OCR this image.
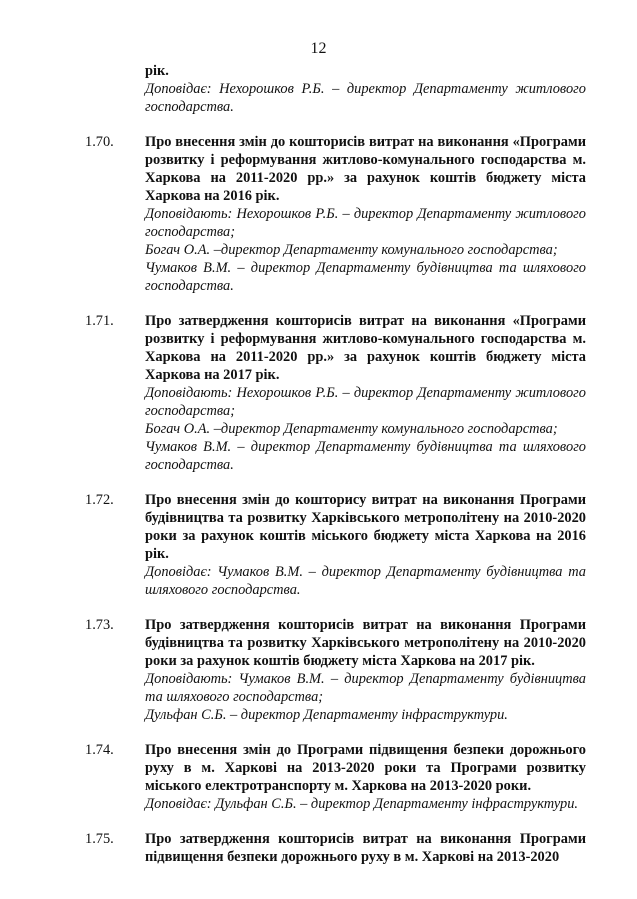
12
рік.
Доповідає: Нехорошков Р.Б. – директор Департаменту житлового господарства.
1.70. Про внесення змін до кошторисів витрат на виконання «Програми розвитку і реформування житлово-комунального господарства м. Харкова на 2011-2020 рр.» за рахунок коштів бюджету міста Харкова на 2016 рік.
Доповідають: Нехорошков Р.Б. – директор Департаменту житлового господарства;
Богач О.А. –директор Департаменту комунального господарства;
Чумаков В.М. – директор Департаменту будівництва та шляхового господарства.
1.71. Про затвердження кошторисів витрат на виконання «Програми розвитку і реформування житлово-комунального господарства м. Харкова на 2011-2020 рр.» за рахунок коштів бюджету міста Харкова на 2017 рік.
Доповідають: Нехорошков Р.Б. – директор Департаменту житлового господарства;
Богач О.А. –директор Департаменту комунального господарства;
Чумаков В.М. – директор Департаменту будівництва та шляхового господарства.
1.72. Про внесення змін до кошторису витрат на виконання Програми будівництва та розвитку Харківського метрополітену на 2010-2020 роки за рахунок коштів міського бюджету міста Харкова на 2016 рік.
Доповідає: Чумаков В.М. – директор Департаменту будівництва та шляхового господарства.
1.73. Про затвердження кошторисів витрат на виконання Програми будівництва та розвитку Харківського метрополітену на 2010-2020 роки за рахунок коштів бюджету міста Харкова на 2017 рік.
Доповідають: Чумаков В.М. – директор Департаменту будівництва та шляхового господарства;
Дульфан С.Б. – директор Департаменту інфраструктури.
1.74. Про внесення змін до Програми підвищення безпеки дорожнього руху в м. Харкові на 2013-2020 роки та Програми розвитку міського електротранспорту м. Харкова на 2013-2020 роки.
Доповідає: Дульфан С.Б. – директор Департаменту інфраструктури.
1.75. Про затвердження кошторисів витрат на виконання Програми підвищення безпеки дорожнього руху в м. Харкові на 2013-2020
